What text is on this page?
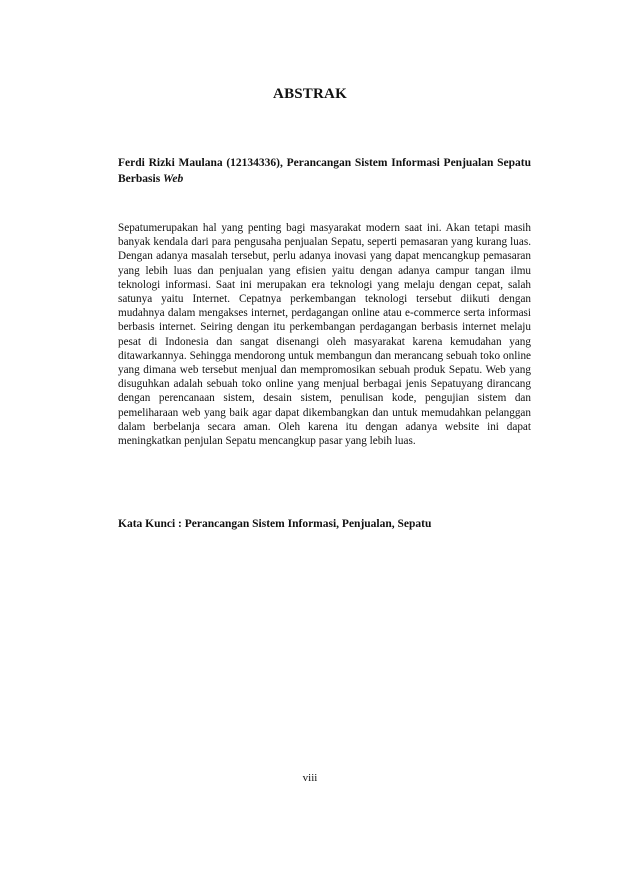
ABSTRAK
Ferdi Rizki Maulana (12134336), Perancangan Sistem Informasi Penjualan Sepatu Berbasis Web
Sepatumerupakan hal yang penting bagi masyarakat modern saat ini. Akan tetapi masih banyak kendala dari para pengusaha penjualan Sepatu, seperti pemasaran yang kurang luas. Dengan adanya masalah tersebut, perlu adanya inovasi yang dapat mencangkup pemasaran yang lebih luas dan penjualan yang efisien yaitu dengan adanya campur tangan ilmu teknologi informasi. Saat ini merupakan era teknologi yang melaju dengan cepat, salah satunya yaitu Internet. Cepatnya perkembangan teknologi tersebut diikuti dengan mudahnya dalam mengakses internet, perdagangan online atau e-commerce serta informasi berbasis internet. Seiring dengan itu perkembangan perdagangan berbasis internet melaju pesat di Indonesia dan sangat disenangi oleh masyarakat karena kemudahan yang ditawarkannya. Sehingga mendorong untuk membangun dan merancang sebuah toko online yang dimana web tersebut menjual dan mempromosikan sebuah produk Sepatu. Web yang disuguhkan adalah sebuah toko online yang menjual berbagai jenis Sepatuyang dirancang dengan perencanaan sistem, desain sistem, penulisan kode, pengujian sistem dan pemeliharaan web yang baik agar dapat dikembangkan dan untuk memudahkan pelanggan dalam berbelanja secara aman. Oleh karena itu dengan adanya website ini dapat meningkatkan penjulan Sepatu mencangkup pasar yang lebih luas.
Kata Kunci : Perancangan Sistem Informasi, Penjualan, Sepatu
viii
